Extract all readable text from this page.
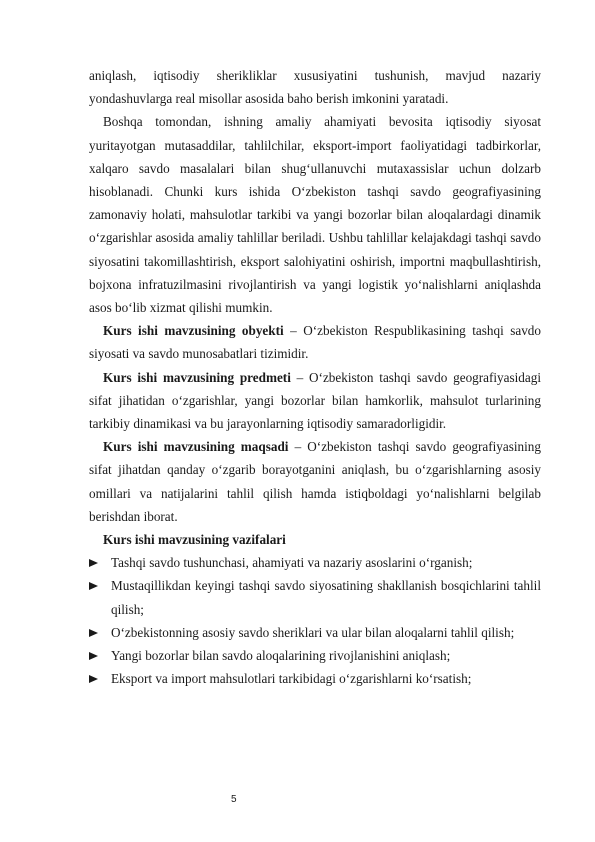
aniqlash, iqtisodiy sherikliklar xususiyatini tushunish, mavjud nazariy yondashuvlarga real misollar asosida baho berish imkonini yaratadi.

Boshqa tomondan, ishning amaliy ahamiyati bevosita iqtisodiy siyosat yuritayotgan mutasaddilar, tahlilchilar, eksport-import faoliyatidagi tadbirkorlar, xalqaro savdo masalalari bilan shug‘ullanuvchi mutaxassislar uchun dolzarb hisoblanadi. Chunki kurs ishida O‘zbekiston tashqi savdo geografiyasining zamonaviy holati, mahsulotlar tarkibi va yangi bozorlar bilan aloqalardagi dinamik o‘zgarishlar asosida amaliy tahlillar beriladi. Ushbu tahlillar kelajakdagi tashqi savdo siyosatini takomillashtirish, eksport salohiyatini oshirish, importni maqbullashtirish, bojxona infratuzilmasini rivojlantirish va yangi logistik yo‘nalishlarni aniqlashda asos bo‘lib xizmat qilishi mumkin.

Kurs ishi mavzusining obyekti – O‘zbekiston Respublikasining tashqi savdo siyosati va savdo munosabatlari tizimidir.

Kurs ishi mavzusining predmeti – O‘zbekiston tashqi savdo geografiyasidagi sifat jihatidan o‘zgarishlar, yangi bozorlar bilan hamkorlik, mahsulot turlarining tarkibiy dinamikasi va bu jarayonlarning iqtisodiy samaradorligidir.

Kurs ishi mavzusining maqsadi – O‘zbekiston tashqi savdo geografiyasining sifat jihatdan qanday o‘zgarib borayotganini aniqlash, bu o‘zgarishlarning asosiy omillari va natijalarini tahlil qilish hamda istiqboldagi yo‘nalishlarni belgilab berishdan iborat.

Kurs ishi mavzusining vazifalari

Tashqi savdo tushunchasi, ahamiyati va nazariy asoslarini o‘rganish;
Mustaqillikdan keyingi tashqi savdo siyosatining shakllanish bosqichlarini tahlil qilish;
O‘zbekistonning asosiy savdo sheriklari va ular bilan aloqalarni tahlil qilish;
Yangi bozorlar bilan savdo aloqalarining rivojlanishini aniqlash;
Eksport va import mahsulotlari tarkibidagi o‘zgarishlarni ko‘rsatish;
5
